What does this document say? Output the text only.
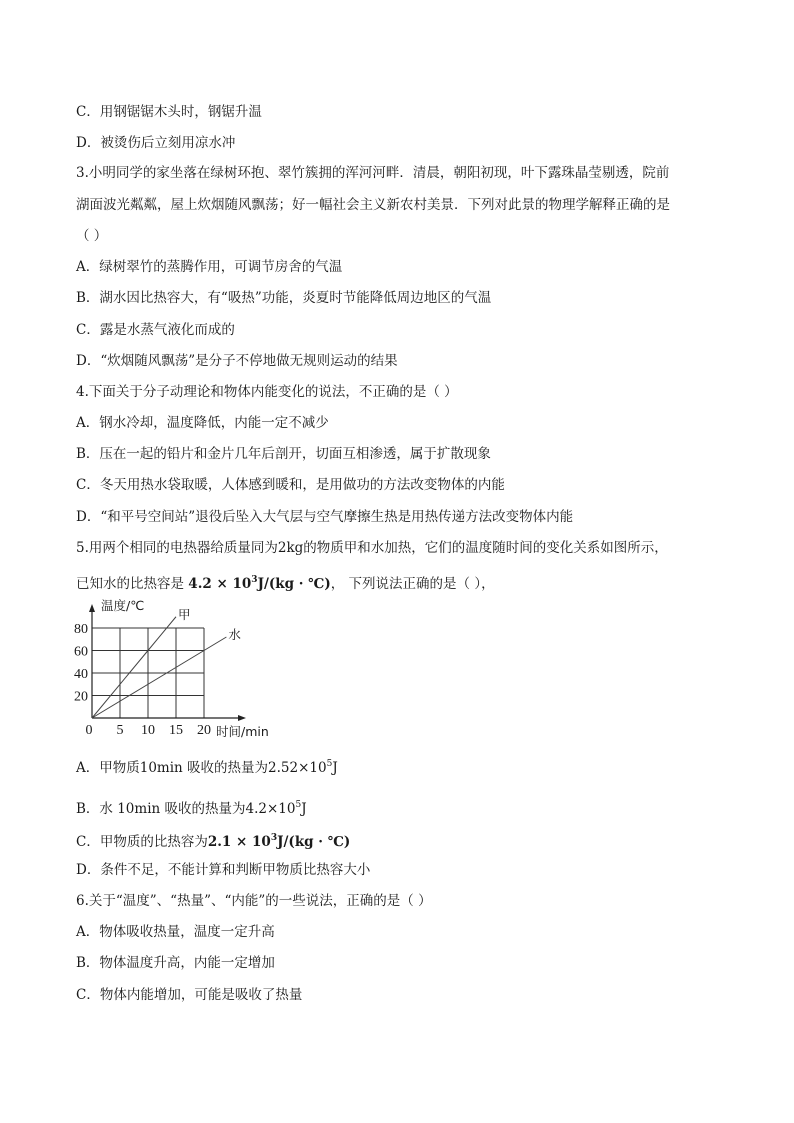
C．用钢锯锯木头时，钢锯升温
D．被烫伤后立刻用凉水冲
3.小明同学的家坐落在绿树环抱、翠竹簇拥的浑河河畔．清晨，朝阳初现，叶下露珠晶莹剔透，院前
湖面波光粼粼，屋上炊烟随风飘荡；好一幅社会主义新农村美景．下列对此景的物理学解释正确的是
（ ）
A．绿树翠竹的蒸腾作用，可调节房舍的气温
B．湖水因比热容大，有“吸热”功能，炎夏时节能降低周边地区的气温
C．露是水蒸气液化而成的
D．“炊烟随风飘荡”是分子不停地做无规则运动的结果
4.下面关于分子动理论和物体内能变化的说法，不正确的是（ ）
A．钢水冷却，温度降低，内能一定不减少
B．压在一起的铅片和金片几年后剖开，切面互相渗透，属于扩散现象
C．冬天用热水袋取暖，人体感到暖和，是用做功的方法改变物体的内能
D．“和平号空间站”退役后坠入大气层与空气摩擦生热是用热传递方法改变物体内能
5.用两个相同的电热器给质量同为2kg的物质甲和水加热，它们的温度随时间的变化关系如图所示，
已知水的比热容是 $4.2 \times 10^3J/(kg$ · ℃)， 下列说法正确的是（ ），
甲
水
0 5 10 15 20
20
40
60
80
温度/℃
时间/min
A．甲物质10min 吸收的热量为$2.52\times 10^5J$
B．水 10min 吸收的热量为$4.2\times 10^5J$
C．甲物质的比热容为$2.1 \times 10^3J/(kg$ · ℃)
D．条件不足，不能计算和判断甲物质比热容大小
6.关于“温度”、“热量”、“内能”的一些说法，正确的是（ ）
A．物体吸收热量，温度一定升高
B．物体温度升高，内能一定增加
C．物体内能增加，可能是吸收了热量
